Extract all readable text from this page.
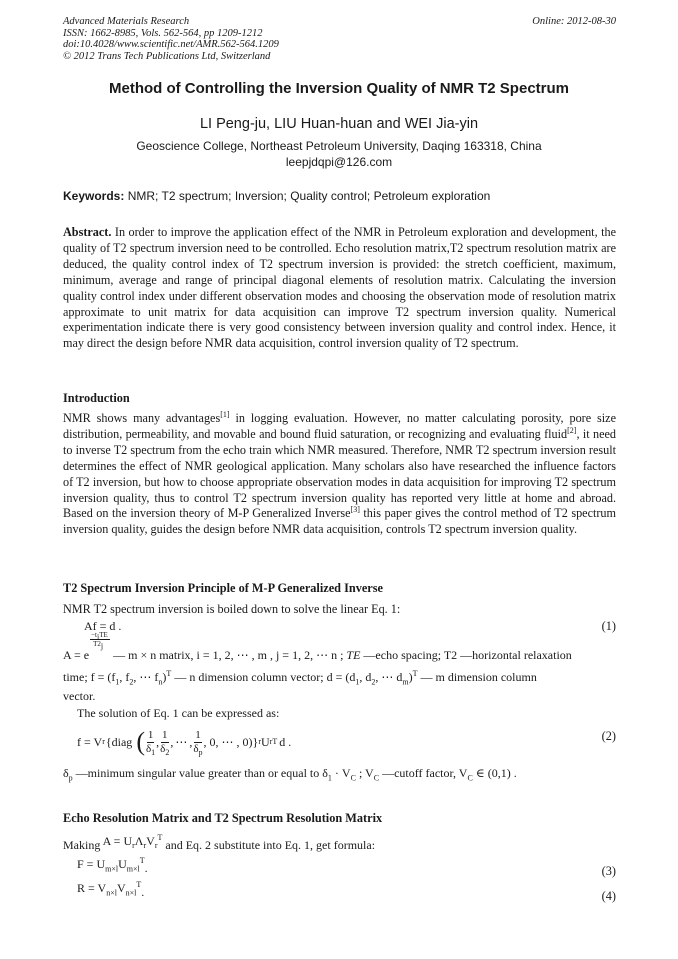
Advanced Materials Research
ISSN: 1662-8985, Vols. 562-564, pp 1209-1212
doi:10.4028/www.scientific.net/AMR.562-564.1209
© 2012 Trans Tech Publications Ltd, Switzerland
Online: 2012-08-30
Method of Controlling the Inversion Quality of NMR T2 Spectrum
LI Peng-ju, LIU Huan-huan and WEI Jia-yin
Geoscience College, Northeast Petroleum University, Daqing 163318, China
leepjdqpi@126.com
Keywords: NMR; T2 spectrum; Inversion; Quality control; Petroleum exploration
Abstract. In order to improve the application effect of the NMR in Petroleum exploration and development, the quality of T2 spectrum inversion need to be controlled. Echo resolution matrix,T2 spectrum resolution matrix are deduced, the quality control index of T2 spectrum inversion is provided: the stretch coefficient, maximum, minimum, average and range of principal diagonal elements of resolution matrix. Calculating the inversion quality control index under different observation modes and choosing the observation mode of resolution matrix approximate to unit matrix for data acquisition can improve T2 spectrum inversion quality. Numerical experimentation indicate there is very good consistency between inversion quality and control index. Hence, it may direct the design before NMR data acquisition, control inversion quality of T2 spectrum.
Introduction
NMR shows many advantages[1] in logging evaluation. However, no matter calculating porosity, pore size distribution, permeability, and movable and bound fluid saturation, or recognizing and evaluating fluid[2], it need to inverse T2 spectrum from the echo train which NMR measured. Therefore, NMR T2 spectrum inversion result determines the effect of NMR geological application. Many scholars also have researched the influence factors of T2 inversion, but how to choose appropriate observation modes in data acquisition for improving T2 spectrum inversion quality, thus to control T2 spectrum inversion quality has reported very little at home and abroad. Based on the inversion theory of M-P Generalized Inverse[3] this paper gives the control method of T2 spectrum inversion quality, guides the design before NMR data acquisition, controls T2 spectrum inversion quality.
T2 Spectrum Inversion Principle of M-P Generalized Inverse
NMR T2 spectrum inversion is boiled down to solve the linear Eq. 1:
Af = d .	(1)
A = e
$-t_iTE$
$T2_j$
— m × n matrix, i = 1, 2, ⋯ , m , j = 1, 2, ⋯ n ; TE —echo spacing; T2 —horizontal relaxation
time; $f = (f_1$, $f_2$, ⋯ $f_n)^T$ — n dimension column vector; $d = (d_1$, $d_2$, ⋯ $d_m)^T$ — m dimension column
vector.
The solution of Eq. 1 can be expressed as:
f = V r {diag ( $\frac{1}{\delta_1}$ , $\frac{1}{\delta_2}$ , ⋯ , $\frac{1}{\delta_p}$ , 0, ⋯ , 0)} r U r T d .	(2)
$\delta_p$ —minimum singular value greater than or equal to $\delta_1 \cdot V_C$ ; $V_C$ —cutoff factor, $V_C$ ∈ (0,1) .
Echo Resolution Matrix and T2 Spectrum Resolution Matrix
Making $A = U_r\Lambda_rV_r^T$ and Eq. 2 substitute into Eq. 1, get formula:
$F = U_{m\times l}U_{m\times l}^T$.	(3)
$R = V_{n\times l}V_{n\times l}^T$.	(4)
